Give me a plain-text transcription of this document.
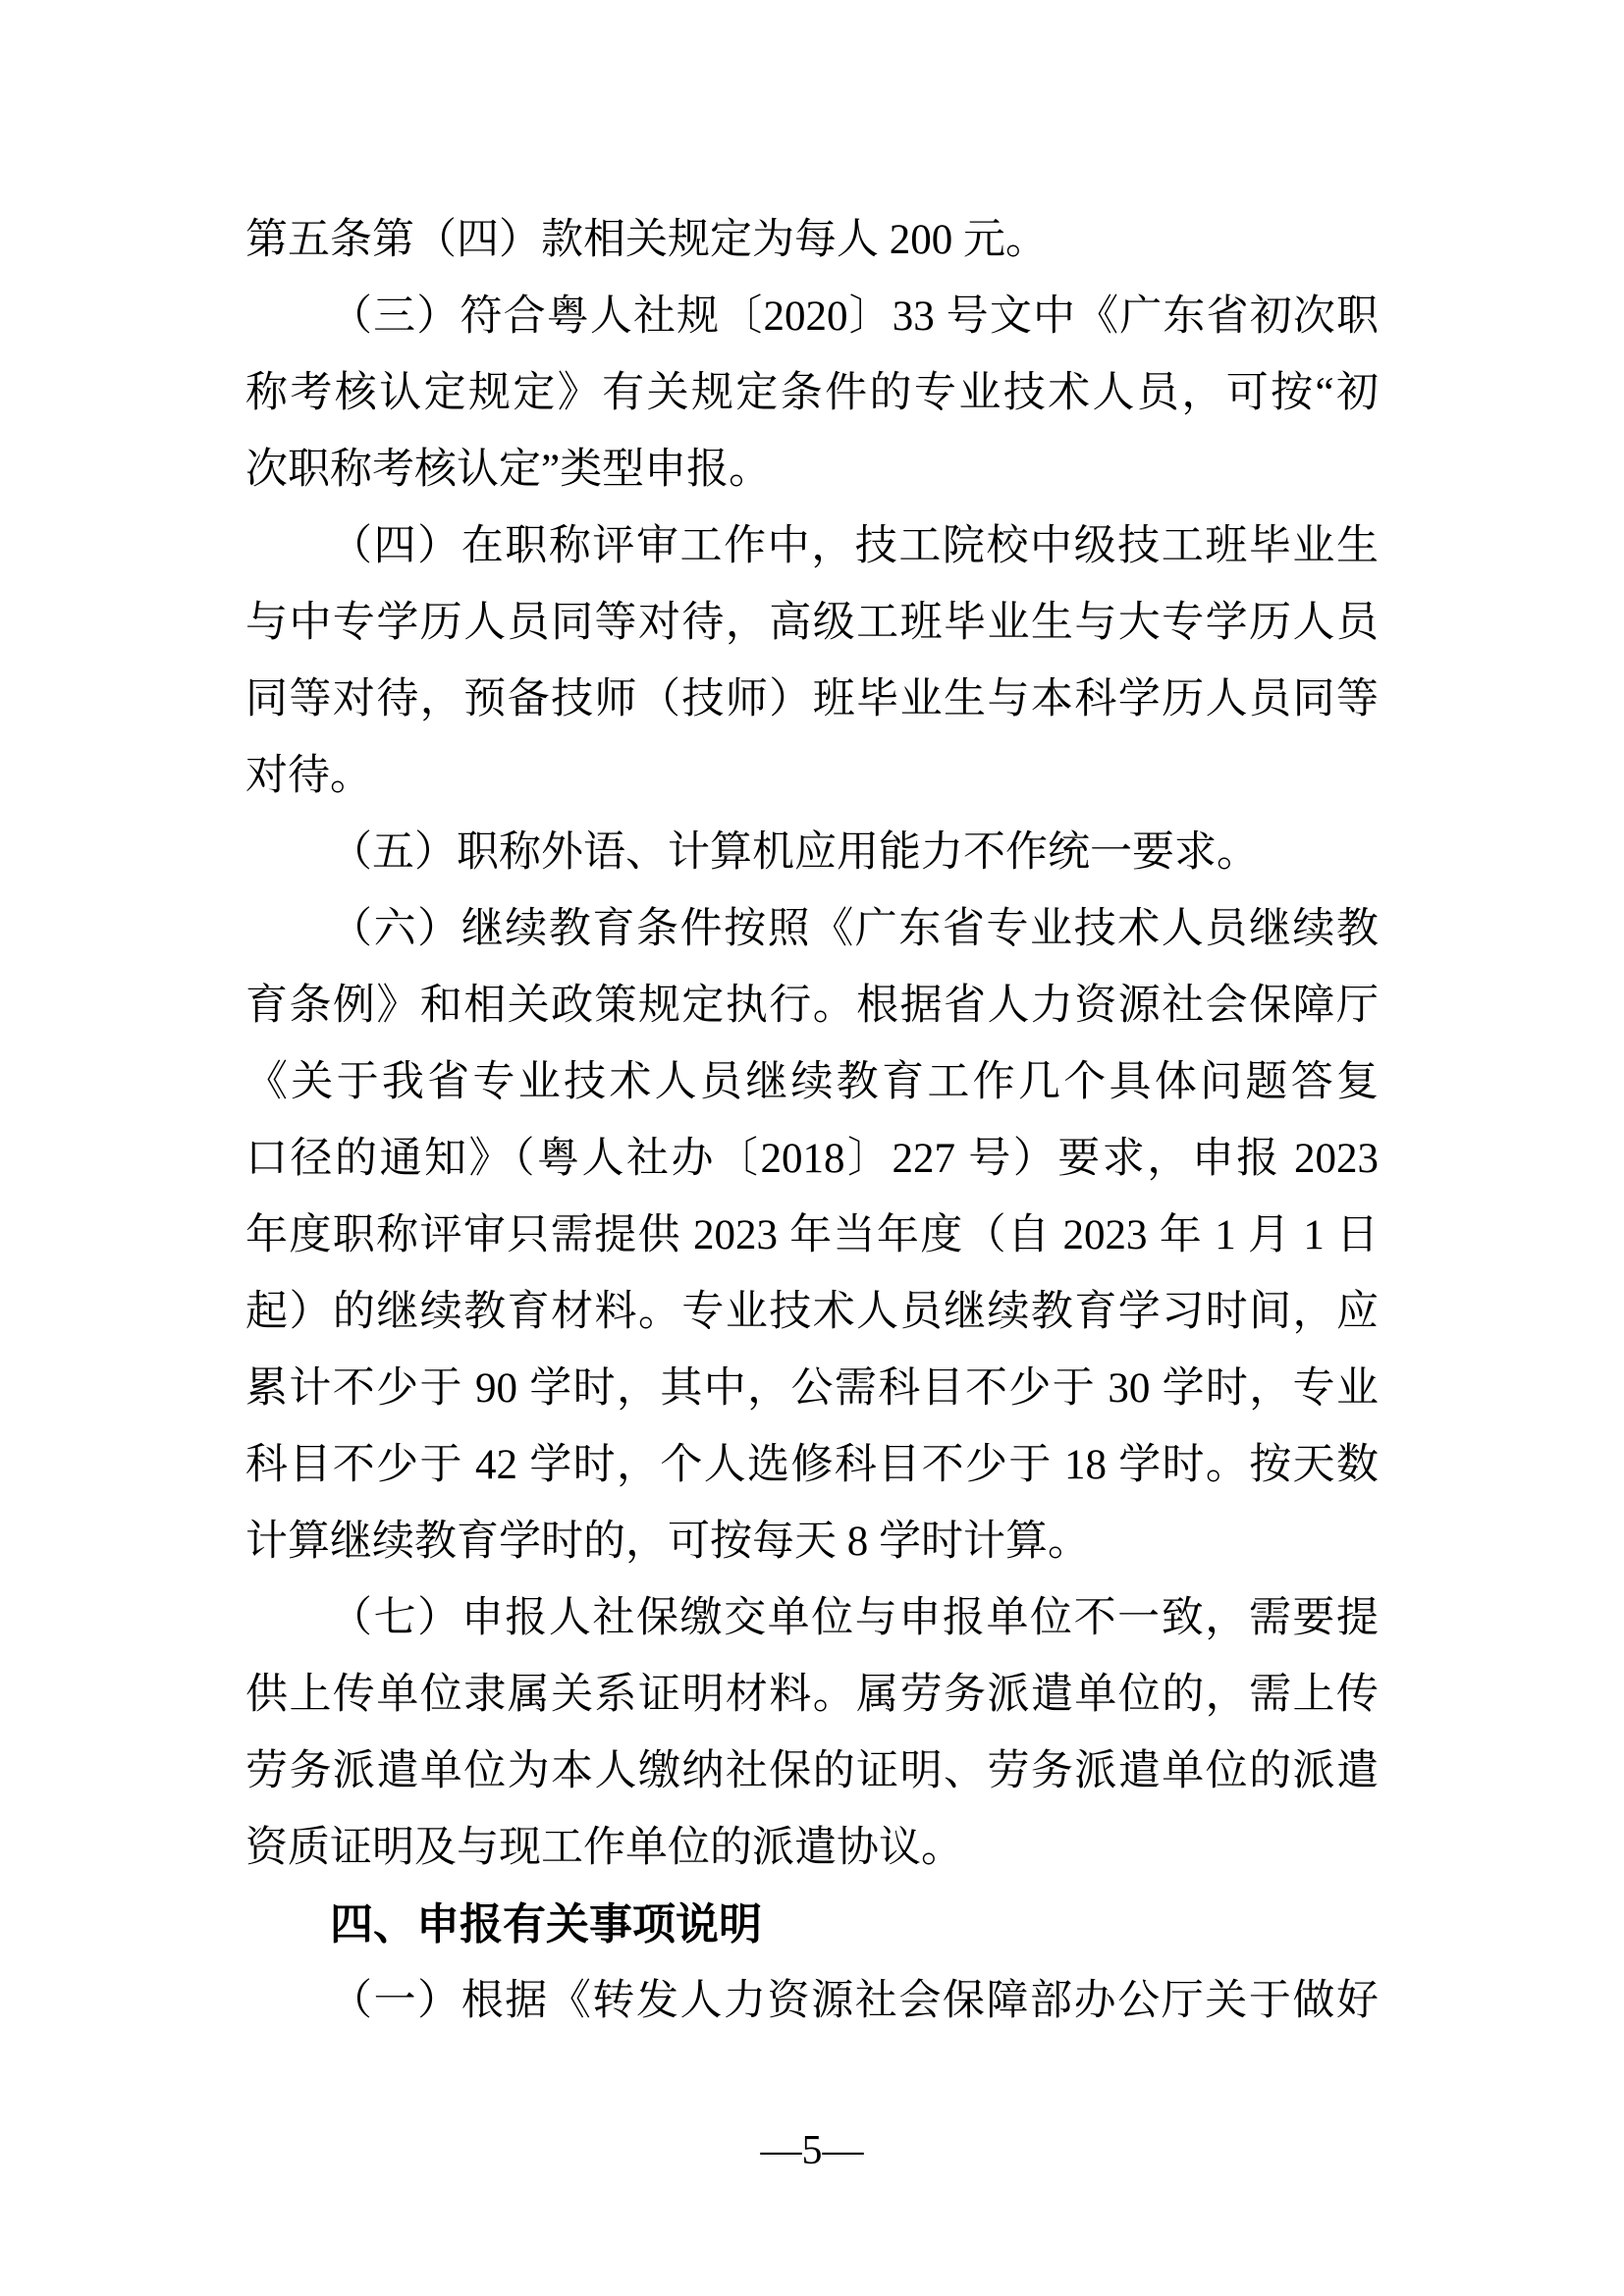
第五条第（四）款相关规定为每人 200 元。
（三）符合粤人社规〔2020〕33 号文中《广东省初次职
称考核认定规定》有关规定条件的专业技术人员，可按“初
次职称考核认定”类型申报。
（四）在职称评审工作中，技工院校中级技工班毕业生
与中专学历人员同等对待，高级工班毕业生与大专学历人员
同等对待，预备技师（技师）班毕业生与本科学历人员同等
对待。
（五）职称外语、计算机应用能力不作统一要求。
（六）继续教育条件按照《广东省专业技术人员继续教
育条例》和相关政策规定执行。根据省人力资源社会保障厅
《关于我省专业技术人员继续教育工作几个具体问题答复
口径的通知》（粤人社办〔2018〕227 号）要求，申报 2023
年度职称评审只需提供 2023 年当年度（自 2023 年 1 月 1 日
起）的继续教育材料。专业技术人员继续教育学习时间，应
累计不少于 90 学时，其中，公需科目不少于 30 学时，专业
科目不少于 42 学时，个人选修科目不少于 18 学时。按天数
计算继续教育学时的，可按每天 8 学时计算。
（七）申报人社保缴交单位与申报单位不一致，需要提
供上传单位隶属关系证明材料。属劳务派遣单位的，需上传
劳务派遣单位为本人缴纳社保的证明、劳务派遣单位的派遣
资质证明及与现工作单位的派遣协议。
四、申报有关事项说明
（一）根据《转发人力资源社会保障部办公厅关于做好
—5—
